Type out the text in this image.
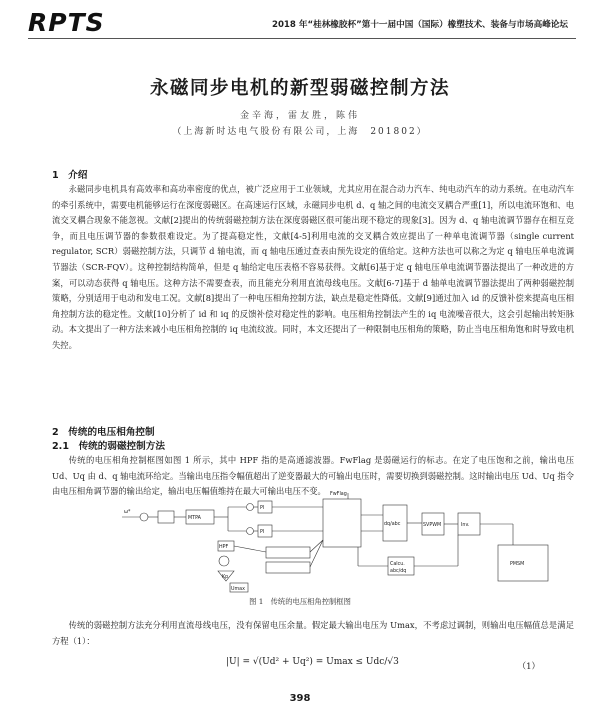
RPTS	2018 年“桂林橡胶杯”第十一届中国（国际）橡塑技术、装备与市场高峰论坛
永磁同步电机的新型弱磁控制方法
金辛海，雷友胜，陈伟
（上海新时达电气股份有限公司，上海　201802）
1　介绍
永磁同步电机具有高效率和高功率密度的优点，被广泛应用于工业领域，尤其应用在混合动力汽车、纯电动汽车的动力系统。在电动汽车的牵引系统中，需要电机能够运行在深度弱磁区。在高速运行区域，永磁同步电机 d、q 轴之间的电流交叉耦合严重[1]，所以电流环饱和、电流交叉耦合现象不能忽视。文献[2]提出的传统弱磁控制方法在深度弱磁区很可能出现不稳定的现象[3]。因为 d、q 轴电流调节器存在相互竞争，而且电压调节器的参数很难设定。为了提高稳定性，文献[4-5]利用电流的交叉耦合效应提出了一种单电流调节器（single current regulator, SCR）弱磁控制方法，只调节 d 轴电流，而 q 轴电压通过查表由预先设定的值给定。这种方法也可以称之为定 q 轴电压单电流调节器法（SCR-FQV）。这种控制结构简单，但是 q 轴给定电压表格不容易获得。文献[6]基于定 q 轴电压单电流调节器法提出了一种改进的方案，可以动态获得 q 轴电压。这种方法不需要查表，而且能充分利用直流母线电压。文献[6-7]基于 d 轴单电流调节器法提出了两种弱磁控制策略，分别适用于电动和发电工况。文献[8]提出了一种电压相角控制方法，缺点是稳定性降低。文献[9]通过加入 id 的反馈补偿来提高电压相角控制方法的稳定性。文献[10]分析了 id 和 iq 的反馈补偿对稳定性的影响。电压相角控制法产生的 iq 电流噪音很大，这会引起输出转矩脉动。本文提出了一种方法来减小电压相角控制的 iq 电流纹波。同时，本文还提出了一种限制电压相角的策略，防止当电压相角饱和时导致电机失控。
2　传统的电压相角控制
2.1　传统的弱磁控制方法
传统的电压相角控制框图如图 1 所示，其中 HPF 指的是高通滤波器。FwFlag 是弱磁运行的标志。在定了电压饱和之前，输出电压 Ud、Uq 由 d、q 轴电流环给定。当输出电压指令幅值超出了逆变器最大的可输出电压时，需要切换到弱磁控制。这时输出电压 Ud、Uq 指令由电压相角调节器的输出给定，输出电压幅值维持在最大可输出电压不变。
ω*
MTPA
PI
PI
FwFlag
HPF
Kp
Umax
dq/abc	SVPWM	Inv.
Calcu.
abc/dq
PMSM
图 1　传统的电压相角控制框图
传统的弱磁控制方法充分利用直流母线电压，没有保留电压余量。假定最大输出电压为 Umax，不考虑过调制，则输出电压幅值总是满足方程（1）：
|U| = √(Ud² + Uq²) = Umax ≤ Udc/√3	（1）
398
